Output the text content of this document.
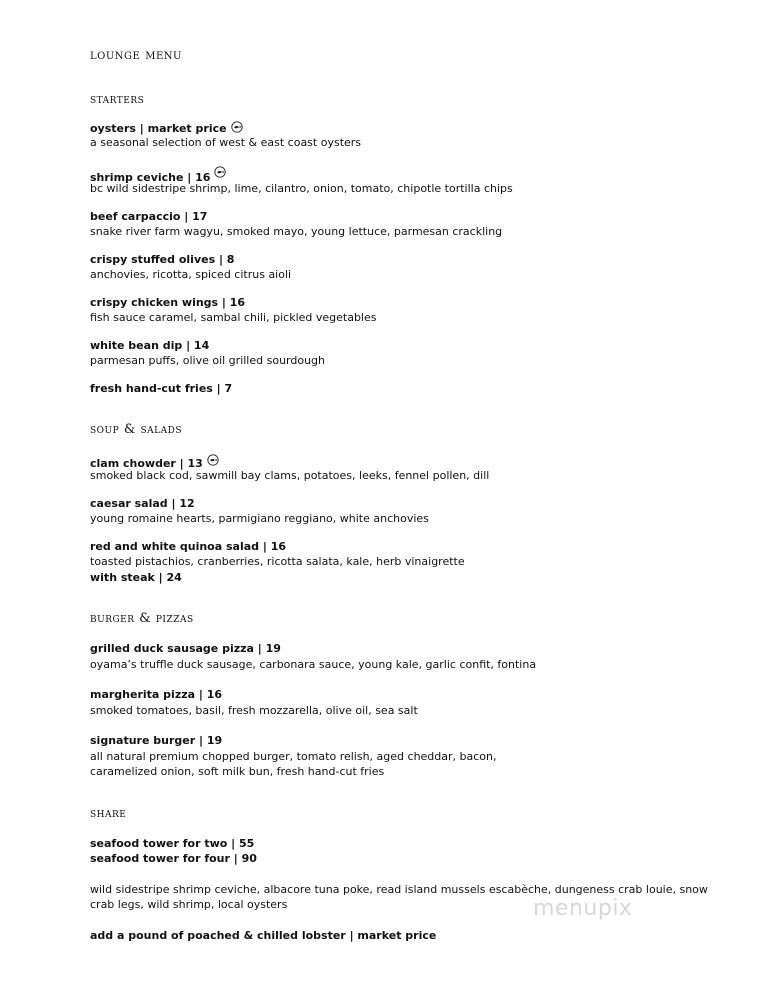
lounge menu
starters
oysters | market price
a seasonal selection of west & east coast oysters
shrimp ceviche | 16
bc wild sidestripe shrimp, lime, cilantro, onion, tomato, chipotle tortilla chips
beef carpaccio | 17
snake river farm wagyu, smoked mayo, young lettuce, parmesan crackling
crispy stuffed olives | 8
anchovies, ricotta, spiced citrus aioli
crispy chicken wings | 16
fish sauce caramel, sambal chili, pickled vegetables
white bean dip | 14
parmesan puffs, olive oil grilled sourdough
fresh hand-cut fries | 7
soup & salads
clam chowder | 13
smoked black cod, sawmill bay clams, potatoes, leeks, fennel pollen, dill
caesar salad | 12
young romaine hearts, parmigiano reggiano, white anchovies
red and white quinoa salad | 16
toasted pistachios, cranberries, ricotta salata, kale, herb vinaigrette
with steak | 24
burger & pizzas
grilled duck sausage pizza | 19
oyama’s truffle duck sausage, carbonara sauce, young kale, garlic confit, fontina
margherita pizza | 16
smoked tomatoes, basil, fresh mozzarella, olive oil, sea salt
signature burger | 19
all natural premium chopped burger, tomato relish, aged cheddar, bacon,
caramelized onion, soft milk bun, fresh hand-cut fries
share
seafood tower for two | 55
seafood tower for four | 90
wild sidestripe shrimp ceviche, albacore tuna poke, read island mussels escabèche, dungeness crab louie, snow
crab legs, wild shrimp, local oysters
add a pound of poached & chilled lobster | market price
menupix
